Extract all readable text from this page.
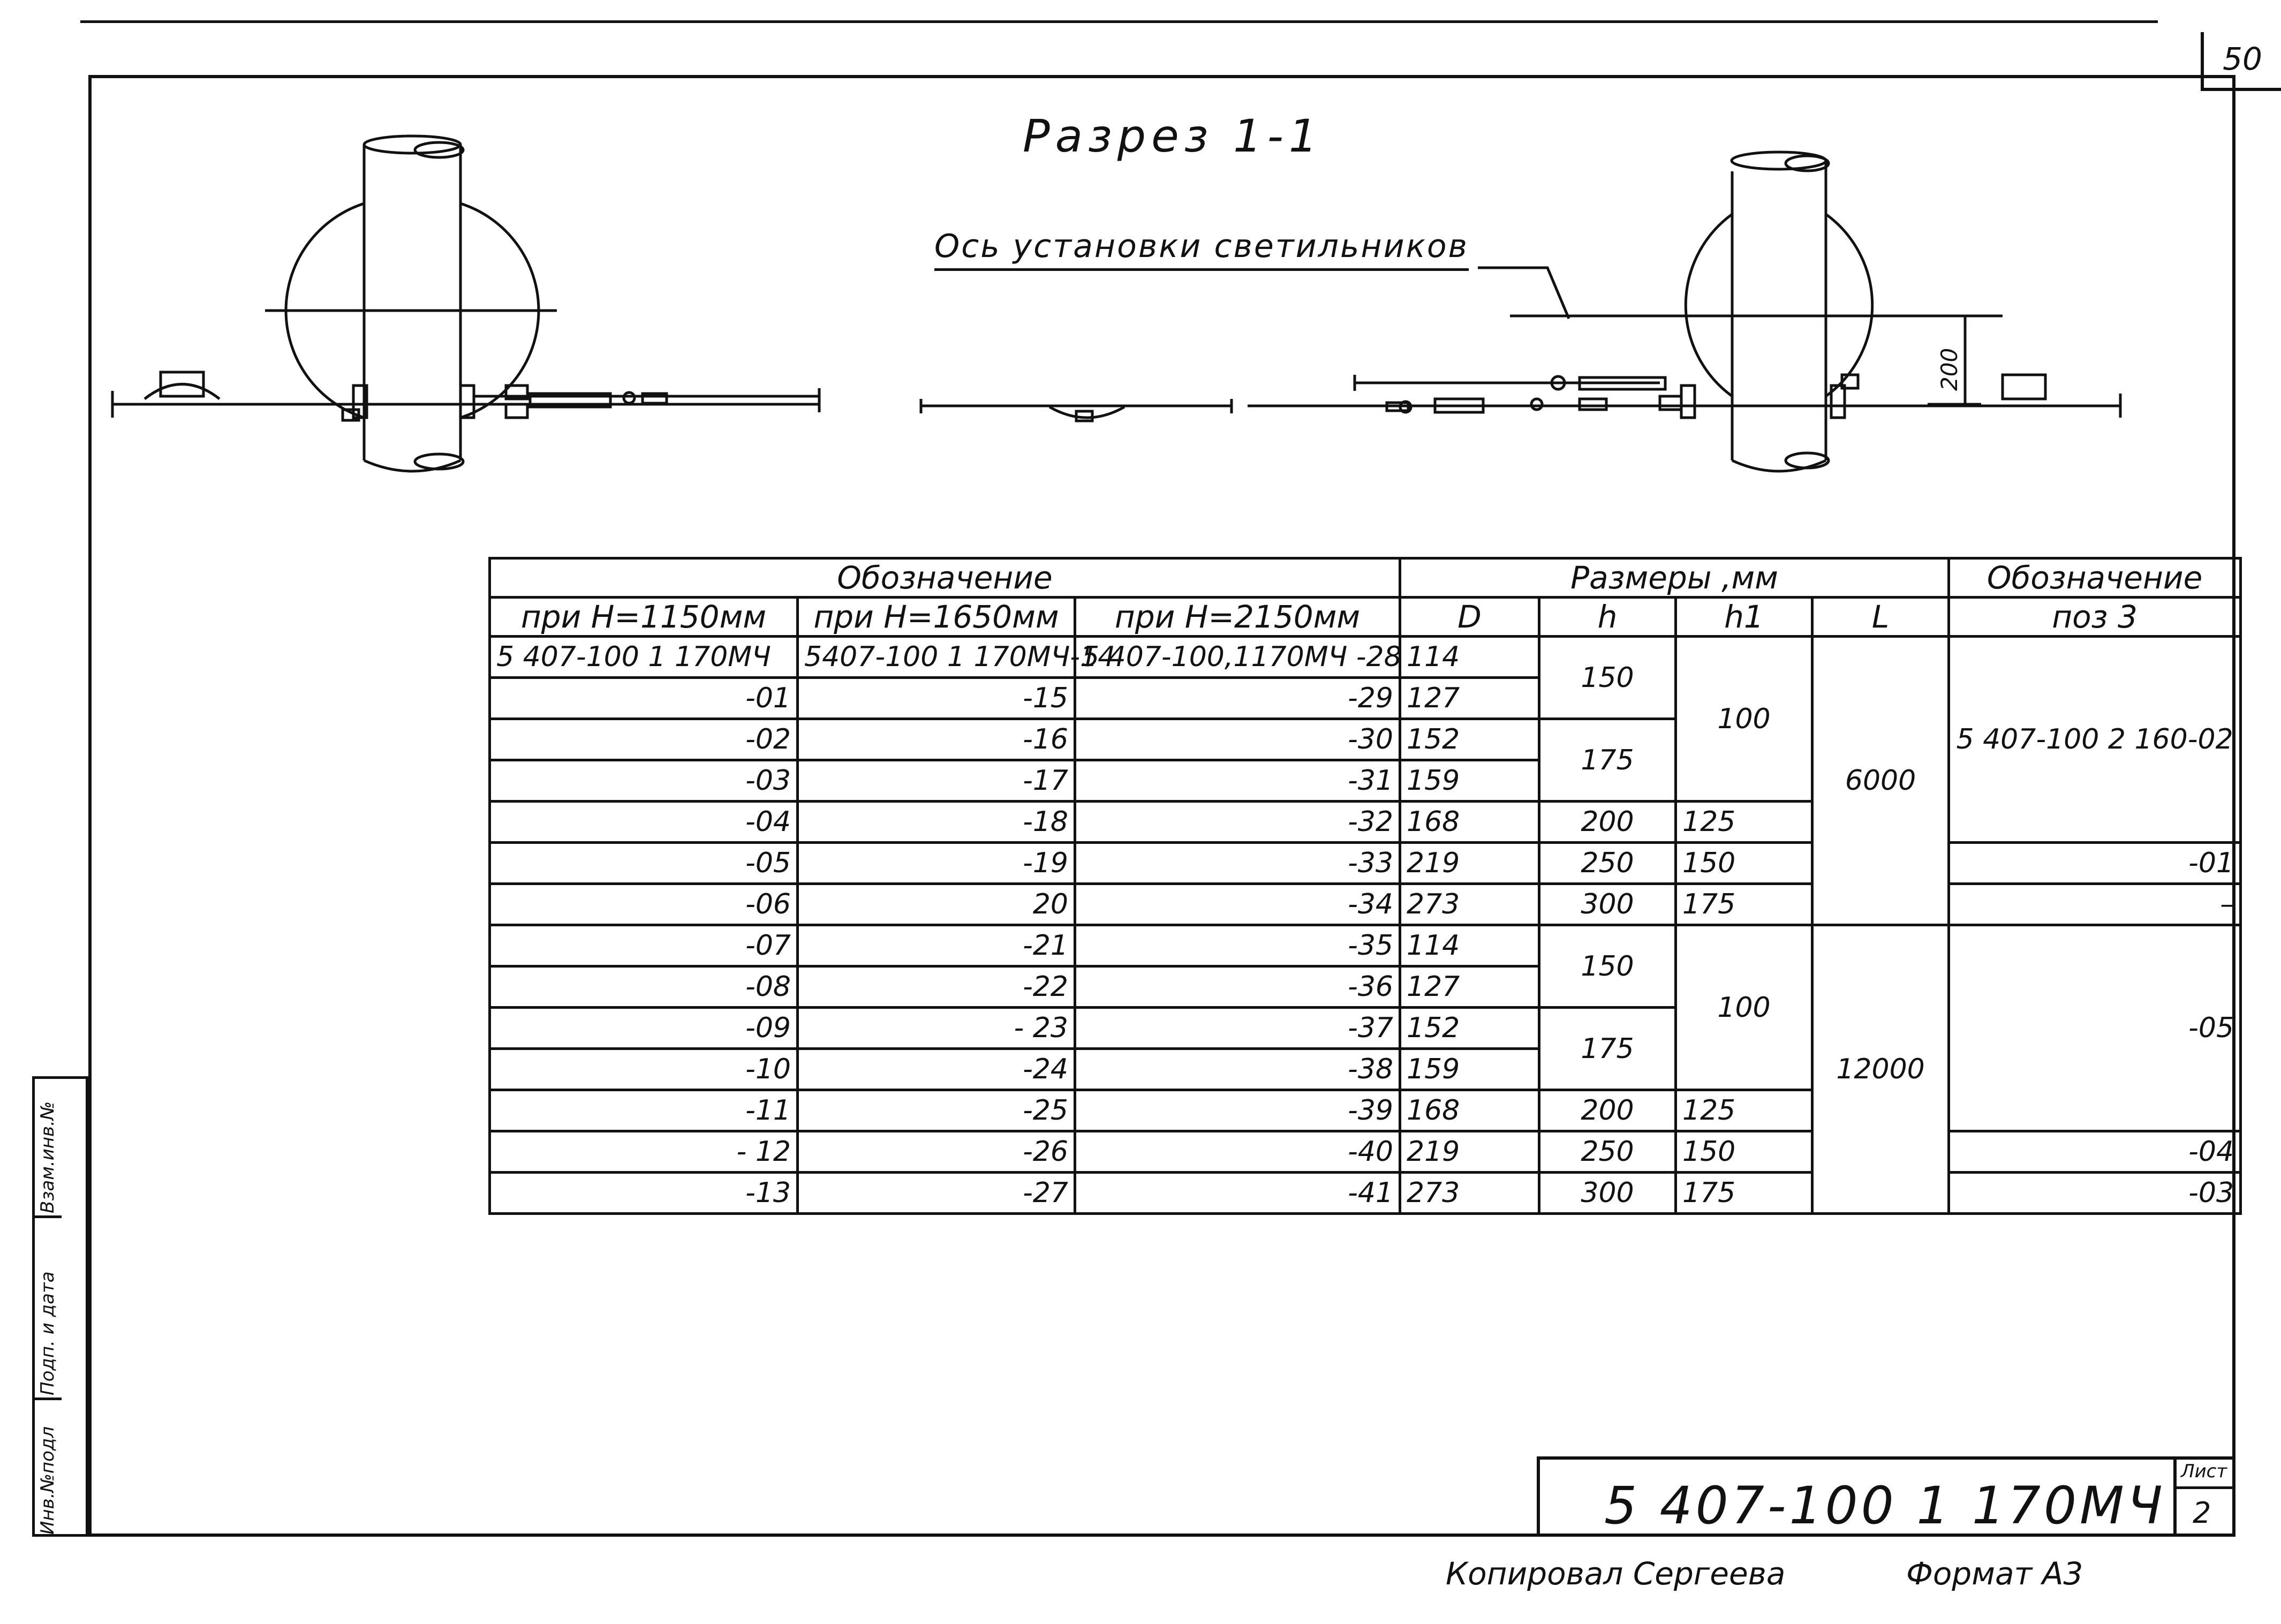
50
Разрез 1-1
Ось установки светильников
200
Обозначение			Размеры ,мм				Обозначение
при H=1150мм	при H=1650мм	при H=2150мм	D	h	h1	L	поз 3
5 407-100 1 170МЧ	5407-100 1 170МЧ-14	5 407-100,1170МЧ -28	114	150	100	6000	5 407-100 2 160-02
-01	-15	-29	127				
-02	-16	-30	152	175			
-03	-17	-31	159				
-04	-18	-32	168	200	125		
-05	-19	-33	219	250	150		-01
-06	20	-34	273	300	175		–
-07	-21	-35	114	150	100	12000	-05
-08	-22	-36	127				
-09	- 23	-37	152	175			
-10	-24	-38	159				
-11	-25	-39	168	200	125		
- 12	-26	-40	219	250	150		-04
-13	-27	-41	273	300	175		-03
Взам.инв.№
Подп. и дата
Инв.№подл	5 407-100 1 170МЧ
Лист
2
Копировал Сергеева	Формат А3
